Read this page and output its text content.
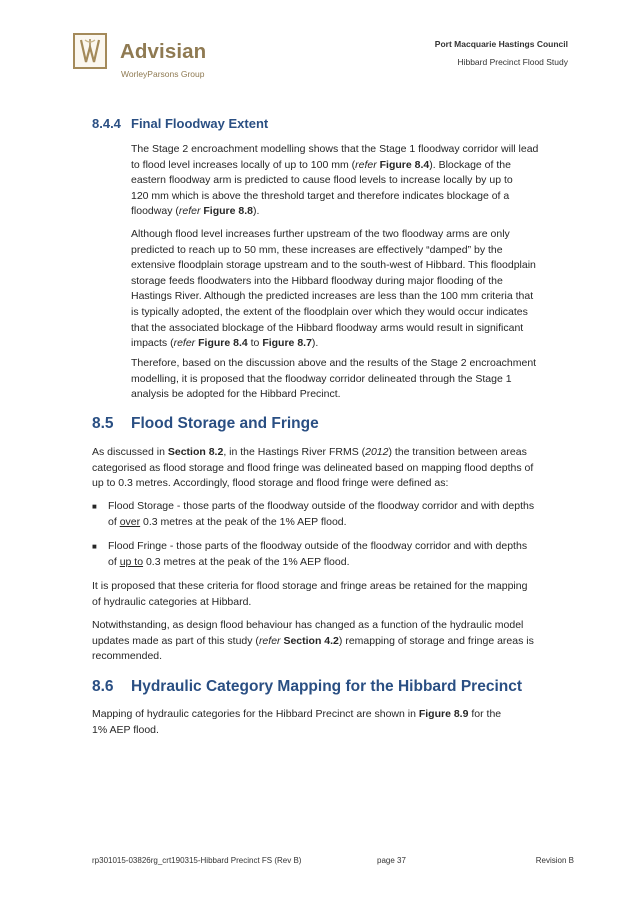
Advisian
WorleyParsons Group
Port Macquarie Hastings Council
Hibbard Precinct Flood Study
8.4.4 Final Floodway Extent

The Stage 2 encroachment modelling shows that the Stage 1 floodway corridor will lead
to flood level increases locally of up to 100 mm (refer Figure 8.4). Blockage of the
eastern floodway arm is predicted to cause flood levels to increase locally by up to
120 mm which is above the threshold target and therefore indicates blockage of a
floodway (refer Figure 8.8).

Although flood level increases further upstream of the two floodway arms are only
predicted to reach up to 50 mm, these increases are effectively “damped” by the
extensive floodplain storage upstream and to the south-west of Hibbard. This floodplain
storage feeds floodwaters into the Hibbard floodway during major flooding of the
Hastings River. Although the predicted increases are less than the 100 mm criteria that
is typically adopted, the extent of the floodplain over which they would occur indicates
that the associated blockage of the Hibbard floodway arms would result in significant
impacts (refer Figure 8.4 to Figure 8.7).

Therefore, based on the discussion above and the results of the Stage 2 encroachment
modelling, it is proposed that the floodway corridor delineated through the Stage 1
analysis be adopted for the Hibbard Precinct.

8.5 Flood Storage and Fringe

As discussed in Section 8.2, in the Hastings River FRMS (2012) the transition between areas
categorised as flood storage and flood fringe was delineated based on mapping flood depths of
up to 0.3 metres. Accordingly, flood storage and flood fringe were defined as:

■ Flood Storage - those parts of the floodway outside of the floodway corridor and with depths
of over 0.3 metres at the peak of the 1% AEP flood.
■ Flood Fringe - those parts of the floodway outside of the floodway corridor and with depths
of up to 0.3 metres at the peak of the 1% AEP flood.

It is proposed that these criteria for flood storage and fringe areas be retained for the mapping
of hydraulic categories at Hibbard.

Notwithstanding, as design flood behaviour has changed as a function of the hydraulic model
updates made as part of this study (refer Section 4.2) remapping of storage and fringe areas is
recommended.

8.6 Hydraulic Category Mapping for the Hibbard Precinct

Mapping of hydraulic categories for the Hibbard Precinct are shown in Figure 8.9 for the
1% AEP flood.

rp301015-03826rg_crt190315-Hibbard Precinct FS (Rev B)	page 37	Revision B
